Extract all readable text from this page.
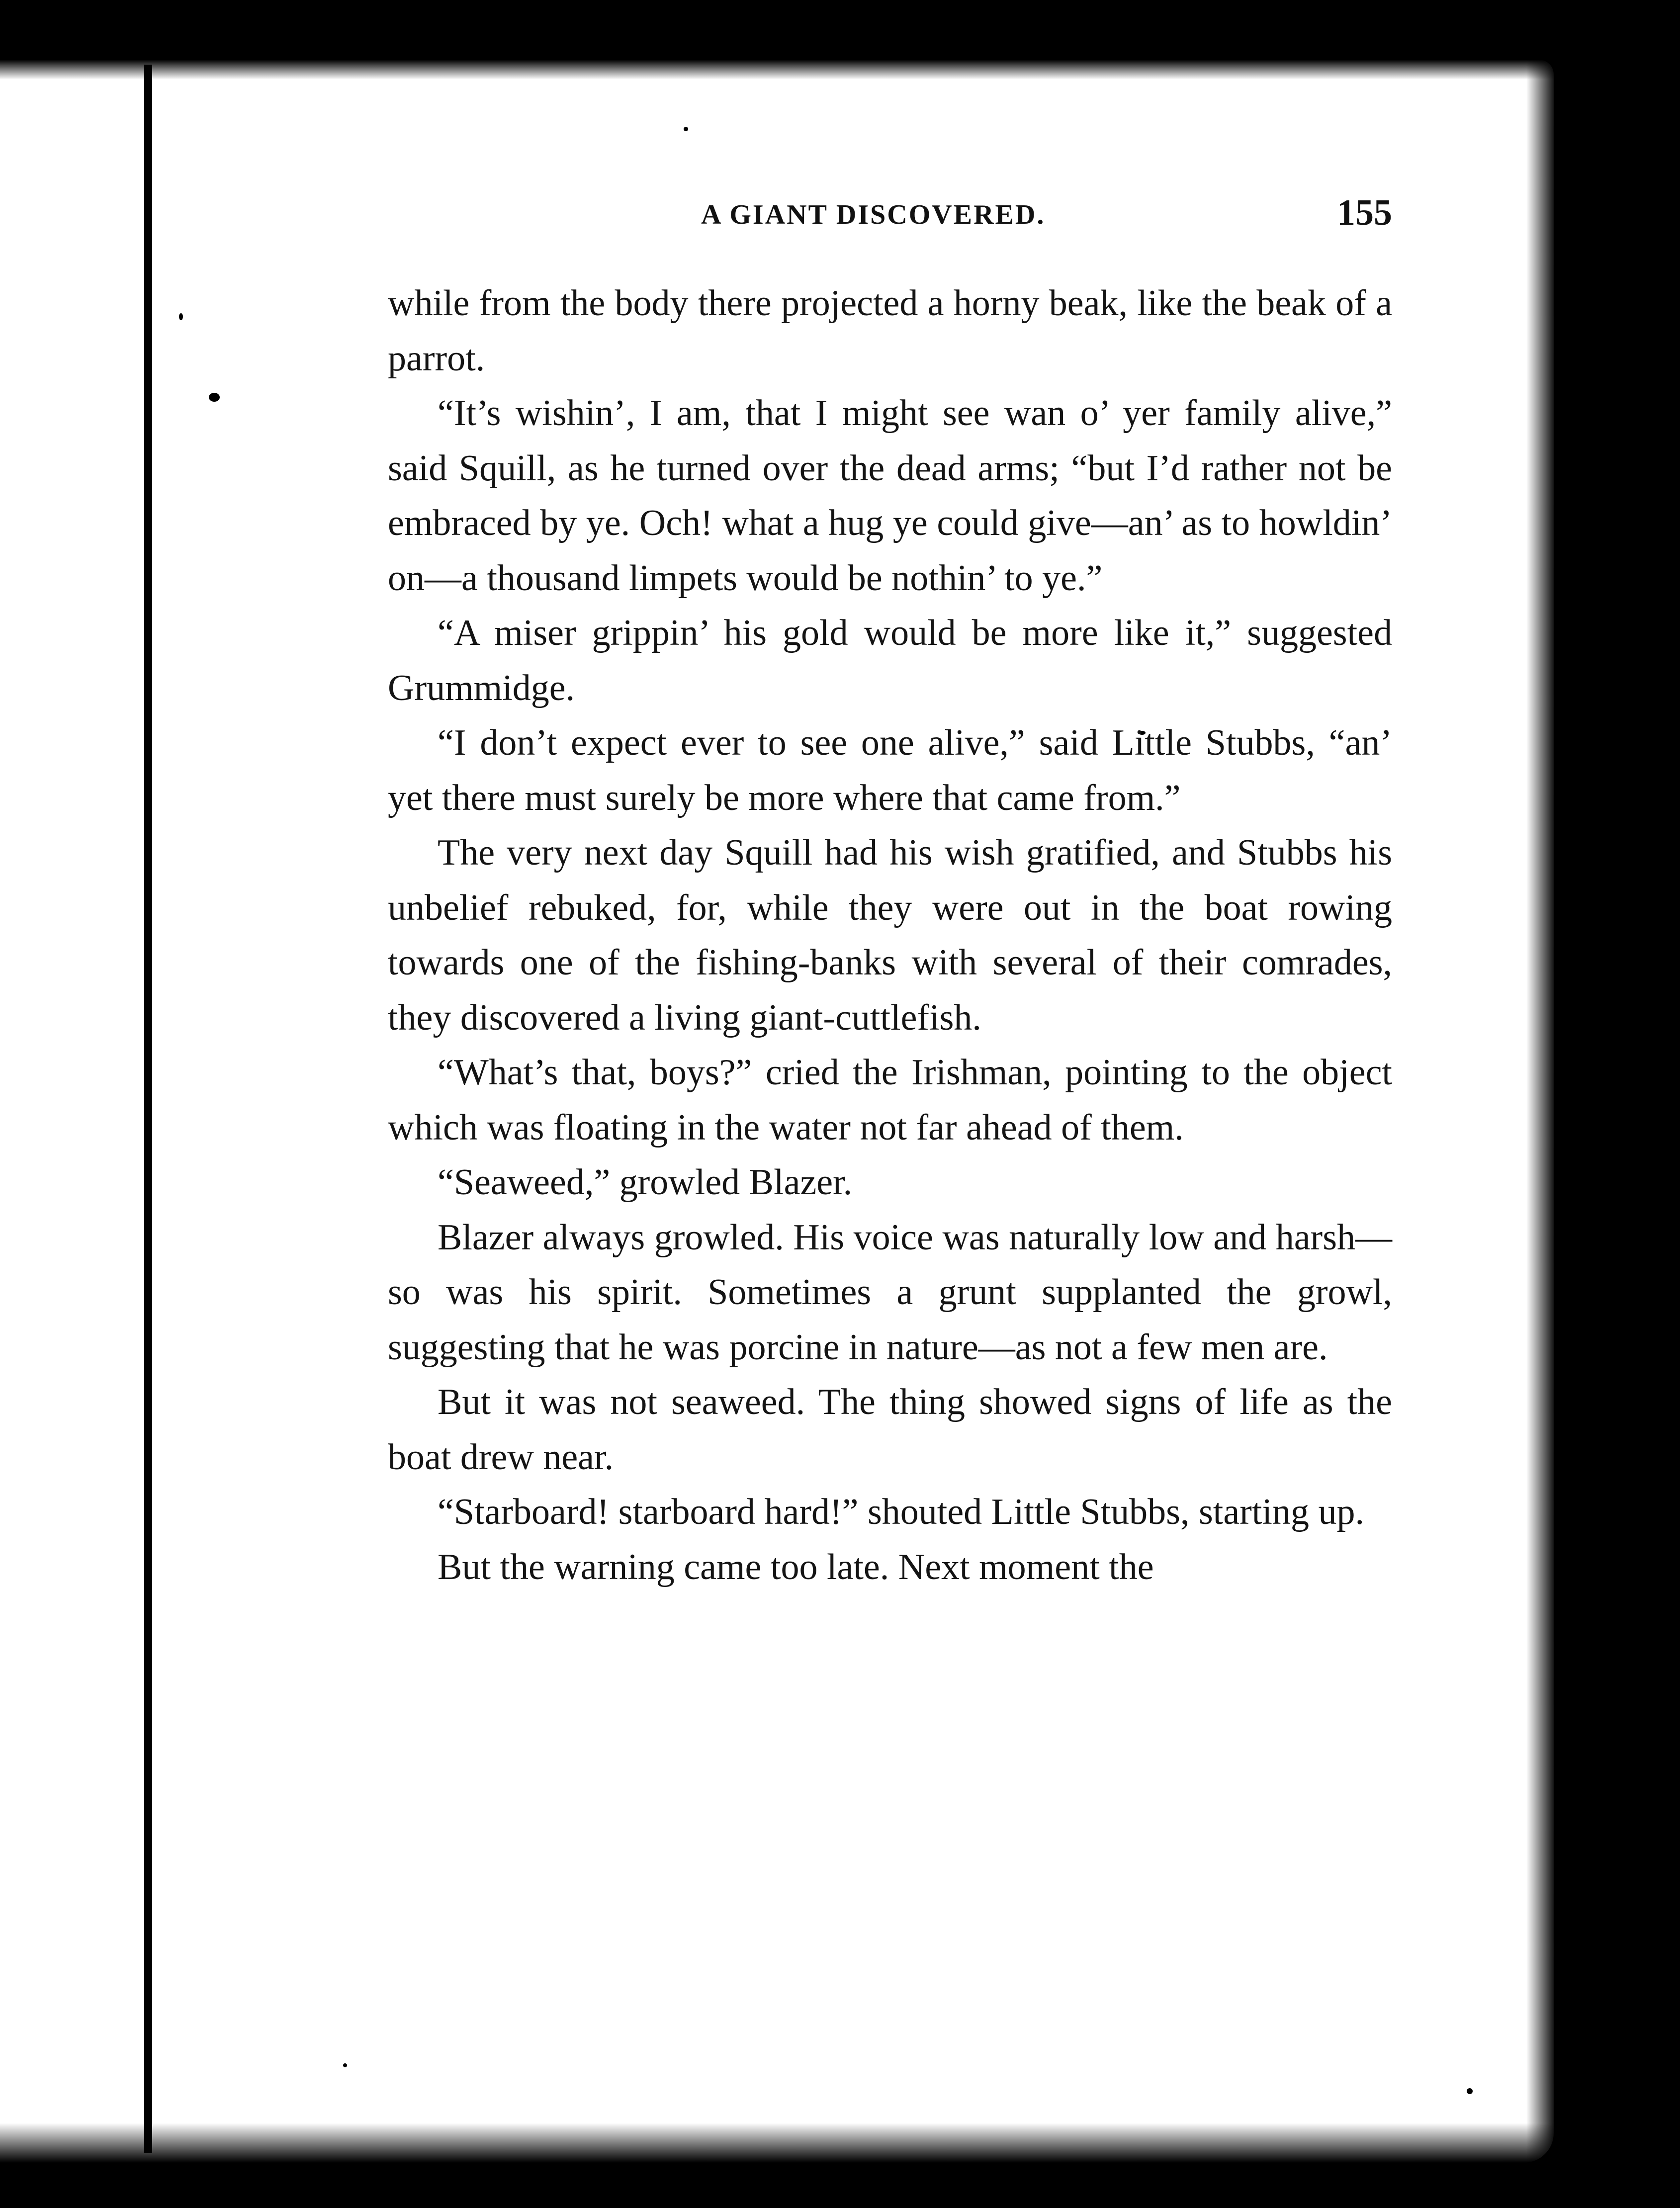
A GIANT DISCOVERED.	155

while from the body there projected a horny beak, like the beak of a parrot.

“It’s wishin’, I am, that I might see wan o’ yer family alive,” said Squill, as he turned over the dead arms; “but I’d rather not be embraced by ye. Och! what a hug ye could give—an’ as to howldin’ on—a thousand limpets would be nothin’ to ye.”

“A miser grippin’ his gold would be more like it,” suggested Grummidge.

“I don’t expect ever to see one alive,” said Little Stubbs, “an’ yet there must surely be more where that came from.”

The very next day Squill had his wish gratified, and Stubbs his unbelief rebuked, for, while they were out in the boat rowing towards one of the fishing-banks with several of their comrades, they discovered a living giant-cuttlefish.

“What’s that, boys?” cried the Irishman, pointing to the object which was floating in the water not far ahead of them.

“Seaweed,” growled Blazer.

Blazer always growled. His voice was naturally low and harsh—so was his spirit. Sometimes a grunt supplanted the growl, suggesting that he was porcine in nature—as not a few men are.

But it was not seaweed. The thing showed signs of life as the boat drew near.

“Starboard! starboard hard!” shouted Little Stubbs, starting up.

But the warning came too late. Next moment the
